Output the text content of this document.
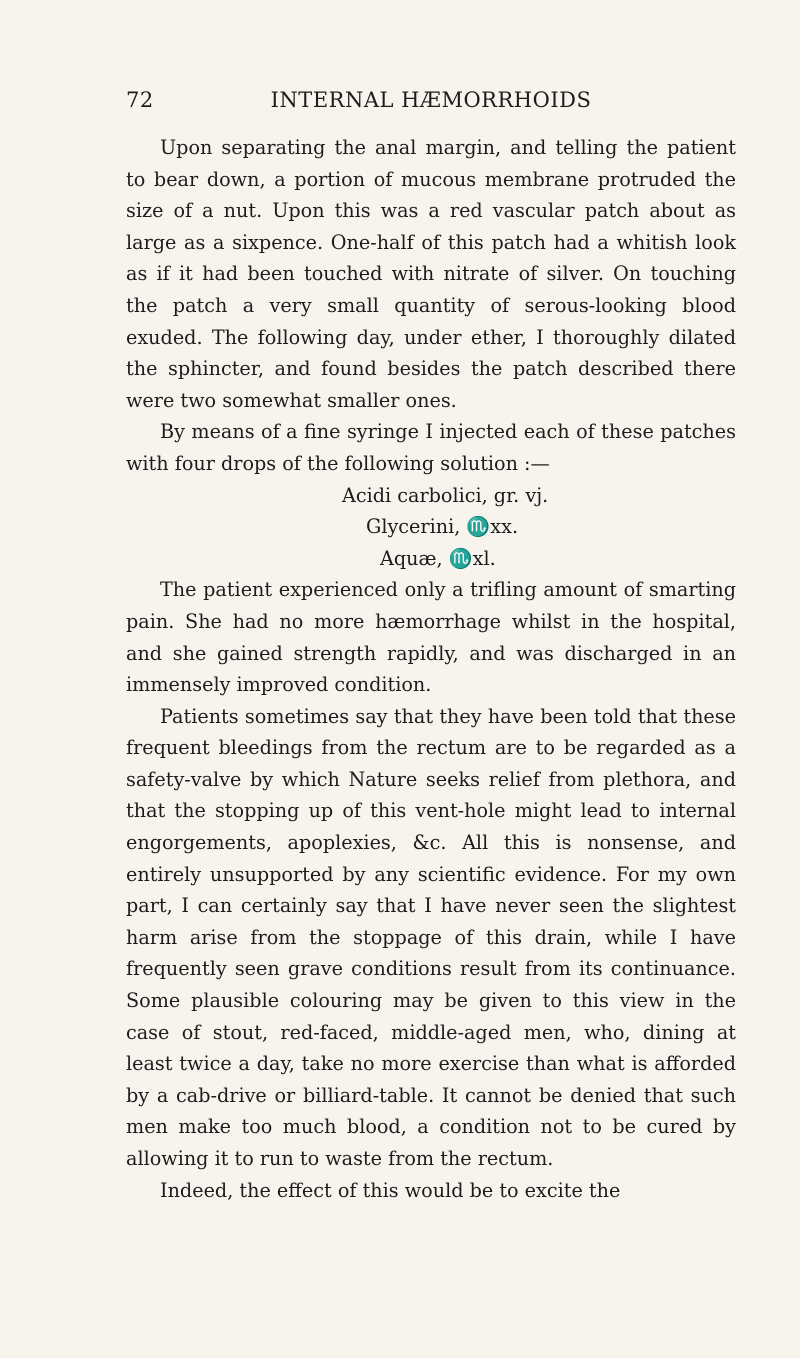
72	INTERNAL HÆMORRHOIDS

Upon separating the anal margin, and telling the patient to bear down, a portion of mucous membrane protruded the size of a nut. Upon this was a red vascular patch about as large as a sixpence. One-half of this patch had a whitish look as if it had been touched with nitrate of silver. On touching the patch a very small quantity of serous-looking blood exuded. The following day, under ether, I thoroughly dilated the sphincter, and found besides the patch described there were two somewhat smaller ones.

By means of a fine syringe I injected each of these patches with four drops of the following solution :—

Acidi carbolici, gr. vj.
Glycerini, ♏xx.
Aquæ, ♏xl.

The patient experienced only a trifling amount of smarting pain. She had no more hæmorrhage whilst in the hospital, and she gained strength rapidly, and was discharged in an immensely improved condition.

Patients sometimes say that they have been told that these frequent bleedings from the rectum are to be regarded as a safety-valve by which Nature seeks relief from plethora, and that the stopping up of this vent-hole might lead to internal engorgements, apoplexies, &c. All this is nonsense, and entirely unsupported by any scientific evidence. For my own part, I can certainly say that I have never seen the slightest harm arise from the stoppage of this drain, while I have frequently seen grave conditions result from its continuance. Some plausible colouring may be given to this view in the case of stout, red-faced, middle-aged men, who, dining at least twice a day, take no more exercise than what is afforded by a cab-drive or billiard-table. It cannot be denied that such men make too much blood, a condition not to be cured by allowing it to run to waste from the rectum.

Indeed, the effect of this would be to excite the
